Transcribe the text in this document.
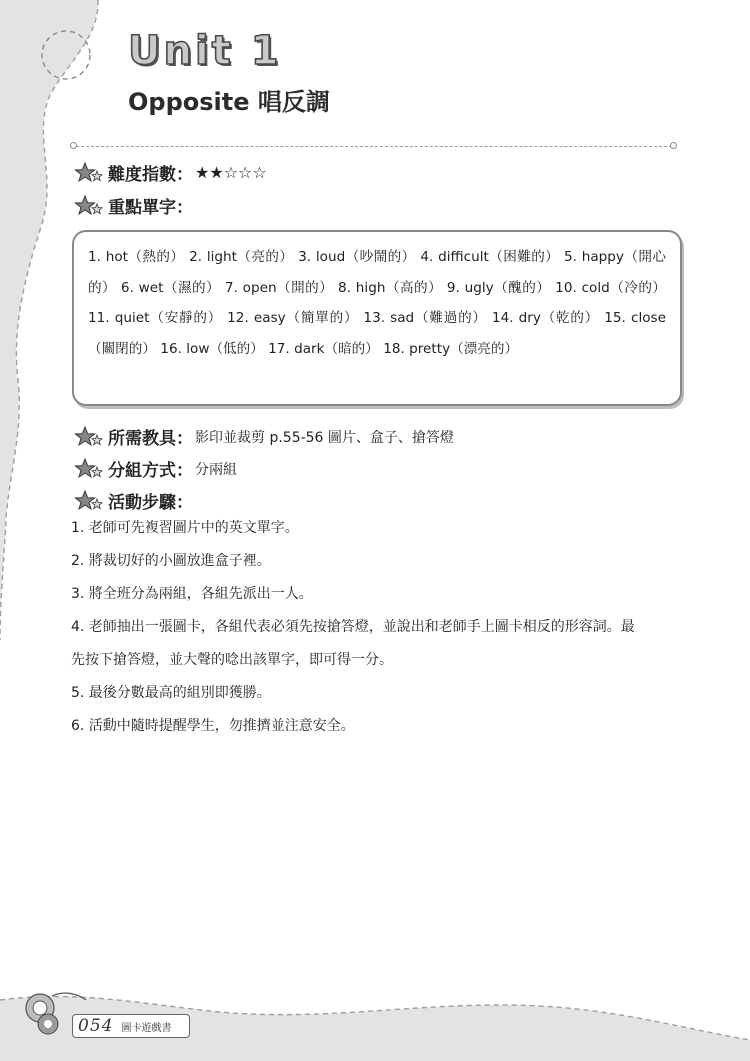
Unit 1
Opposite 唱反調
難度指數： ★★☆☆☆
重點單字：
1. hot（熱的） 2. light（亮的） 3. loud（吵鬧的） 4. difficult（困難的） 5. happy（開心的） 6. wet（濕的） 7. open（開的） 8. high（高的） 9. ugly（醜的） 10. cold（冷的） 11. quiet（安靜的） 12. easy（簡單的） 13. sad（難過的） 14. dry（乾的） 15. close（關閉的） 16. low（低的） 17. dark（暗的） 18. pretty（漂亮的）
所需教具： 影印並裁剪 p.55-56 圖片、盒子、搶答燈
分組方式： 分兩組
活動步驟：
1. 老師可先複習圖片中的英文單字。
2. 將裁切好的小圖放進盒子裡。
3. 將全班分為兩組，各組先派出一人。
4. 老師抽出一張圖卡，各組代表必須先按搶答燈，並說出和老師手上圖卡相反的形容詞。最
先按下搶答燈，並大聲的唸出該單字，即可得一分。
5. 最後分數最高的組別即獲勝。
6. 活動中隨時提醒學生，勿推擠並注意安全。
054 圖卡遊戲書
